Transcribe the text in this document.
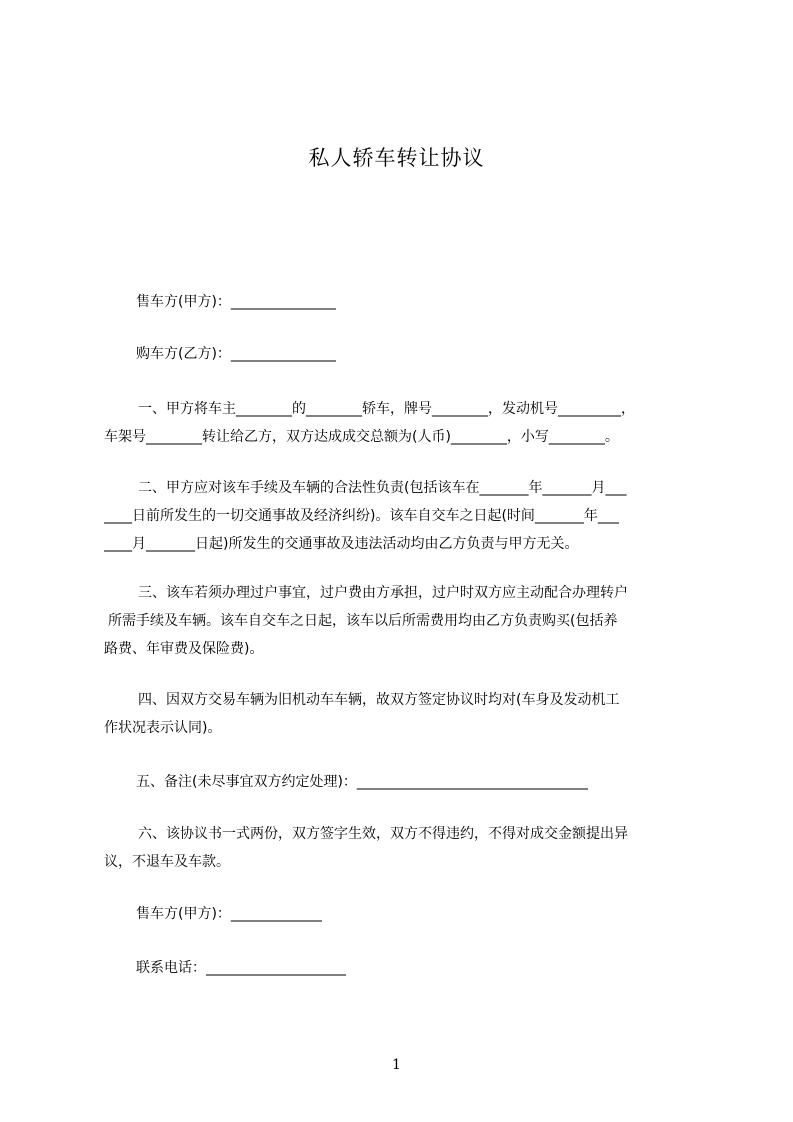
私人轿车转让协议
售车方(甲方)：_______________
购车方(乙方)：_______________
一、甲方将车主________的________轿车，牌号________，发动机号_________，
车架号________转让给乙方，双方达成成交总额为(人币)________，小写________。
二、甲方应对该车手续及车辆的合法性负责(包括该车在_______年_______月___
____日前所发生的一切交通事故及经济纠纷)。该车自交车之日起(时间_______年___
____月_______日起)所发生的交通事故及违法活动均由乙方负责与甲方无关。
三、该车若须办理过户事宜，过户费由方承担，过户时双方应主动配合办理转户
所需手续及车辆。该车自交车之日起，该车以后所需费用均由乙方负责购买(包括养
路费、年审费及保险费)。
四、因双方交易车辆为旧机动车车辆，故双方签定协议时均对(车身及发动机工
作状况表示认同)。
五、备注(未尽事宜双方约定处理)：_________________________________
六、该协议书一式两份，双方签字生效，双方不得违约，不得对成交金额提出异
议，不退车及车款。
售车方(甲方)：_____________
联系电话：____________________
1
